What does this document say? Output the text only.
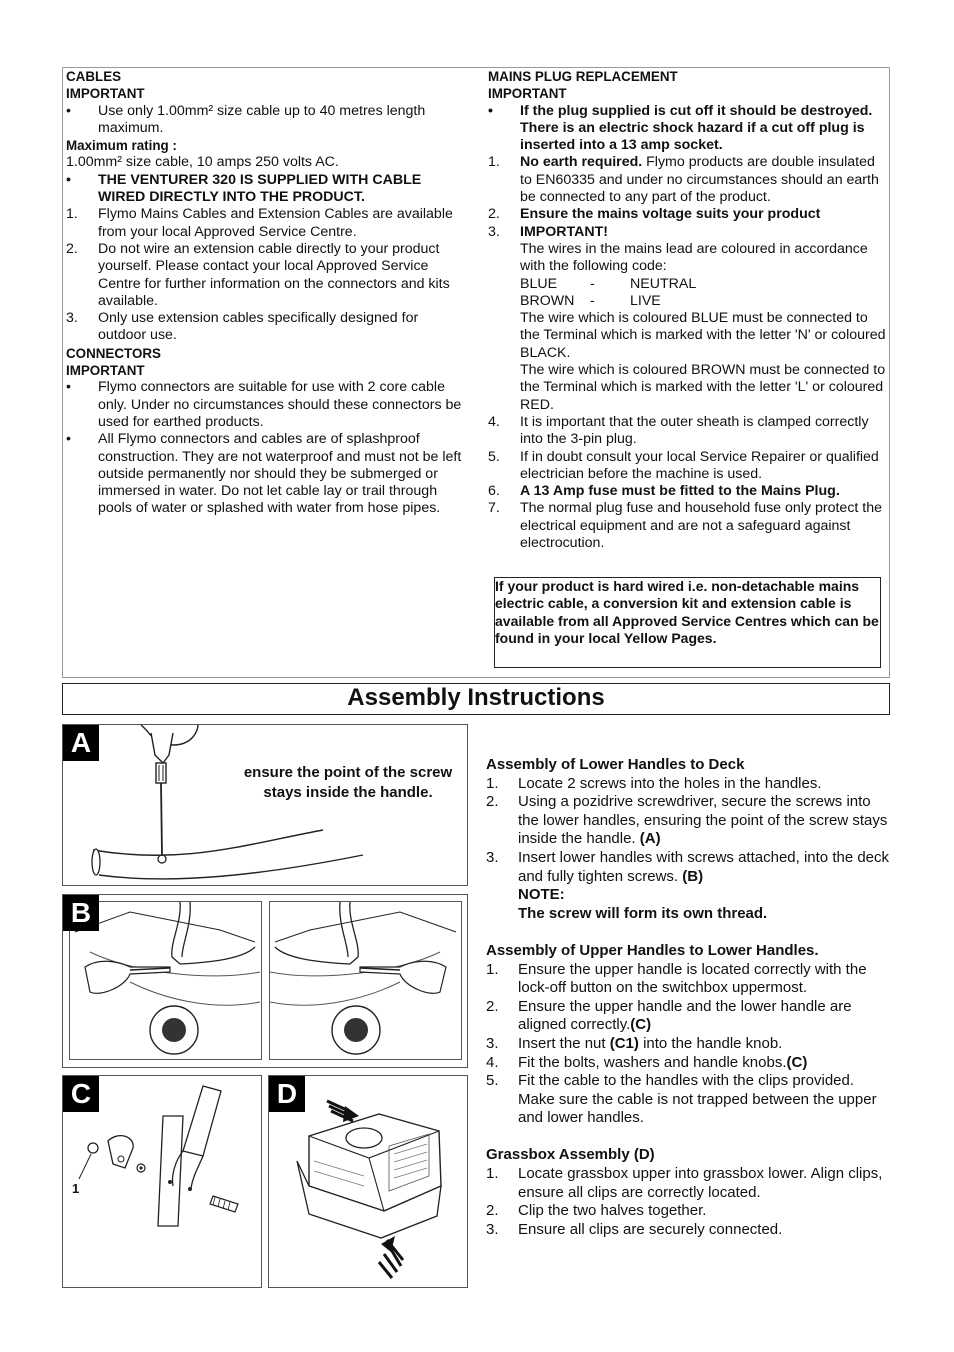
CABLES
IMPORTANT
• Use only 1.00mm² size cable up to 40 metres length maximum.
Maximum rating :
1.00mm² size cable, 10 amps 250 volts AC.
• THE VENTURER 320 IS SUPPLIED WITH CABLE WIRED DIRECTLY INTO THE PRODUCT.
1. Flymo Mains Cables and Extension Cables are available from your local Approved Service Centre.
2. Do not wire an extension cable directly to your product yourself. Please contact your local Approved Service Centre for further information on the connectors and kits available.
3. Only use extension cables specifically designed for outdoor use.
CONNECTORS
IMPORTANT
• Flymo connectors are suitable for use with 2 core cable only. Under no circumstances should these connectors be used for earthed products.
• All Flymo connectors and cables are of splashproof construction. They are not waterproof and must not be left outside permanently nor should they be submerged or immersed in water. Do not let cable lay or trail through pools of water or splashed with water from hose pipes.
MAINS PLUG REPLACEMENT
IMPORTANT
• If the plug supplied is cut off it should be destroyed. There is an electric shock hazard if a cut off plug is inserted into a 13 amp socket.
1. No earth required. Flymo products are double insulated to EN60335 and under no circumstances should an earth be connected to any part of the product.
2. Ensure the mains voltage suits your product
3. IMPORTANT!
The wires in the mains lead are coloured in accordance with the following code:
BLUE	-	NEUTRAL
BROWN	-	LIVE
The wire which is coloured BLUE must be connected to the Terminal which is marked with the letter 'N' or coloured BLACK.
The wire which is coloured BROWN must be connected to the Terminal which is marked with the letter 'L' or coloured RED.
4. It is important that the outer sheath is clamped correctly into the 3-pin plug.
5. If in doubt consult your local Service Repairer or qualified electrician before the machine is used.
6. A 13 Amp fuse must be fitted to the Mains Plug.
7. The normal plug fuse and household fuse only protect the electrical equipment and are not a safeguard against electrocution.
If your product is hard wired i.e. non-detachable mains electric cable, a conversion kit and extension cable is available from all Approved Service Centres which can be found in your local Yellow Pages.
Assembly Instructions
A
ensure the point of the screw stays inside the handle.
B
C
1
D
Assembly of Lower Handles to Deck
1. Locate 2 screws into the holes in the handles.
2. Using a pozidrive screwdriver, secure the screws into the lower handles, ensuring the point of the screw stays inside the handle. (A)
3. Insert lower handles with screws attached, into the deck and fully tighten screws. (B)
NOTE:
The screw will form its own thread.
Assembly of Upper Handles to Lower Handles.
1. Ensure the upper handle is located correctly with the lock-off button on the switchbox uppermost.
2. Ensure the upper handle and the lower handle are aligned correctly.(C)
3. Insert the nut (C1) into the handle knob.
4. Fit the bolts, washers and handle knobs.(C)
5. Fit the cable to the handles with the clips provided. Make sure the cable is not trapped between the upper and lower handles.
Grassbox Assembly (D)
1. Locate grassbox upper into grassbox lower. Align clips, ensure all clips are correctly located.
2. Clip the two halves together.
3. Ensure all clips are securely connected.
